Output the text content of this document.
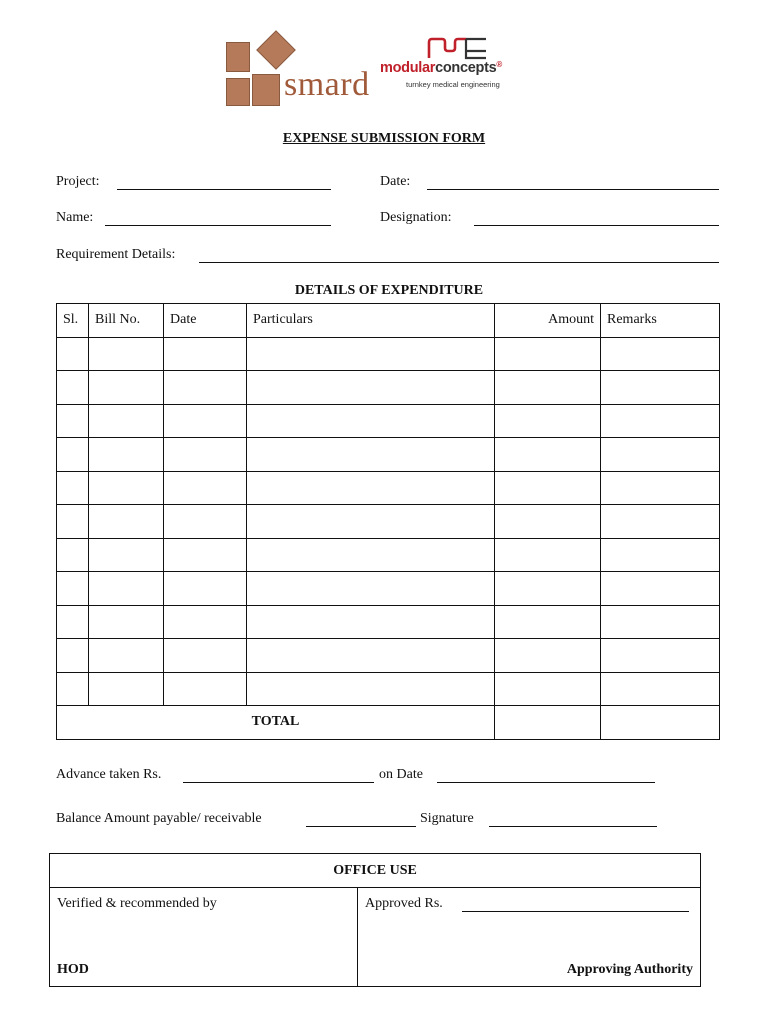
smard modularconcepts®
turnkey medical engineering
EXPENSE SUBMISSION FORM
Project:	Date:
Name:	Designation:
Requirement Details:
DETAILS OF EXPENDITURE
Sl.	Bill No.	Date	Particulars	Amount	Remarks

TOTAL					
Advance taken Rs.	on Date
Balance Amount payable/ receivable	Signature
OFFICE USE
Verified & recommended by	Approved Rs.
HOD	Approving Authority
